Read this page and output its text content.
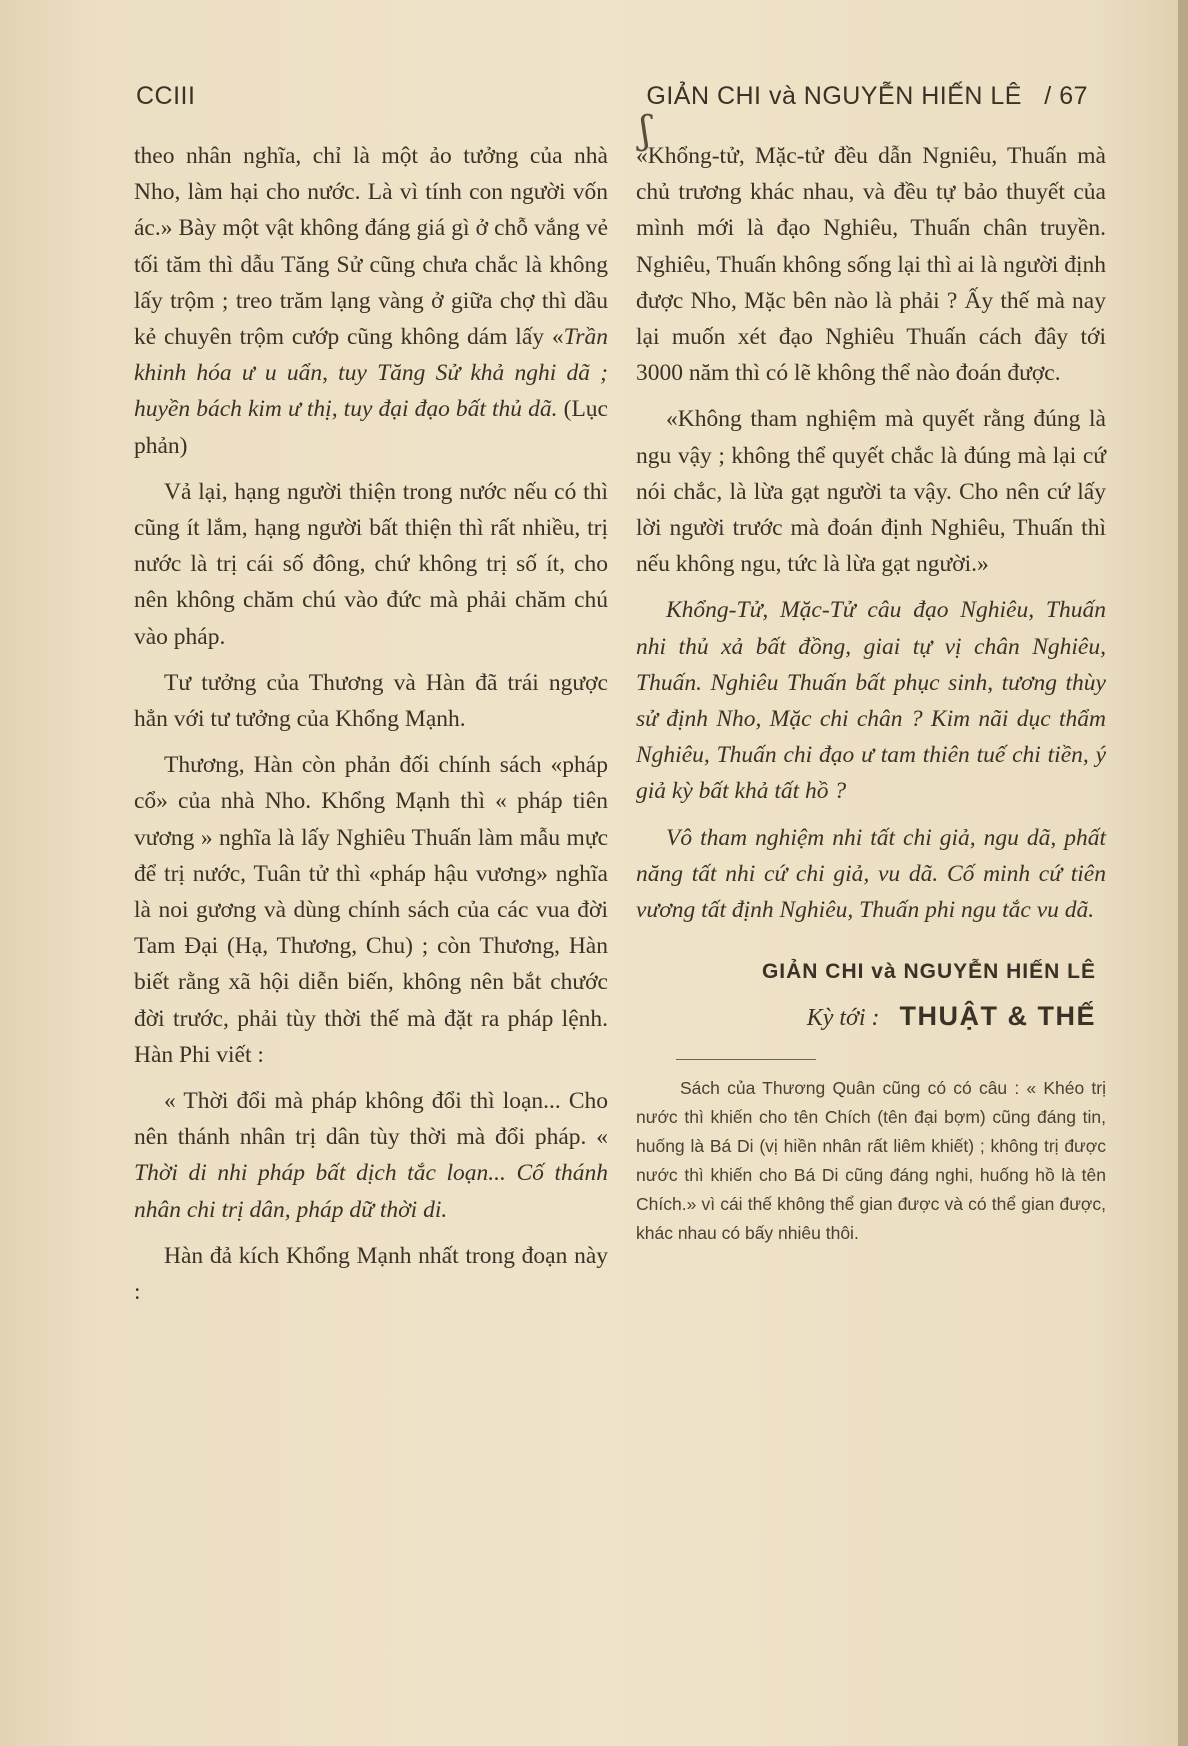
CCIII	GIẢN CHI và NGUYỄN HIẾN LÊ / 67

theo nhân nghĩa, chỉ là một ảo tưởng của nhà Nho, làm hại cho nước. Là vì tính con người vốn ác.» Bày một vật không đáng giá gì ở chỗ vắng vẻ tối tăm thì dẫu Tăng Sử cũng chưa chắc là không lấy trộm ; treo trăm lạng vàng ở giữa chợ thì dầu kẻ chuyên trộm cướp cũng không dám lấy «Trần khinh hóa ư u uẩn, tuy Tăng Sử khả nghi dã ; huyền bách kim ư thị, tuy đại đạo bất thủ dã. (Lục phản)

Vả lại, hạng người thiện trong nước nếu có thì cũng ít lắm, hạng người bất thiện thì rất nhiều, trị nước là trị cái số đông, chứ không trị số ít, cho nên không chăm chú vào đức mà phải chăm chú vào pháp.

Tư tưởng của Thương và Hàn đã trái ngược hẳn với tư tưởng của Khổng Mạnh.

Thương, Hàn còn phản đối chính sách «pháp cổ» của nhà Nho. Khổng Mạnh thì « pháp tiên vương » nghĩa là lấy Nghiêu Thuấn làm mẫu mực để trị nước, Tuân tử thì «pháp hậu vương» nghĩa là noi gương và dùng chính sách của các vua đời Tam Đại (Hạ, Thương, Chu) ; còn Thương, Hàn biết rằng xã hội diễn biến, không nên bắt chước đời trước, phải tùy thời thế mà đặt ra pháp lệnh. Hàn Phi viết :

« Thời đổi mà pháp không đổi thì loạn... Cho nên thánh nhân trị dân tùy thời mà đổi pháp. « Thời di nhi pháp bất dịch tắc loạn... Cố thánh nhân chi trị dân, pháp dữ thời di.

Hàn đả kích Khổng Mạnh nhất trong đoạn này :

«Khổng-tử, Mặc-tử đều dẫn Ngniêu, Thuấn mà chủ trương khác nhau, và đều tự bảo thuyết của mình mới là đạo Nghiêu, Thuấn chân truyền. Nghiêu, Thuấn không sống lại thì ai là người định được Nho, Mặc bên nào là phải ? Ấy thế mà nay lại muốn xét đạo Nghiêu Thuấn cách đây tới 3000 năm thì có lẽ không thể nào đoán được.

«Không tham nghiệm mà quyết rằng đúng là ngu vậy ; không thể quyết chắc là đúng mà lại cứ nói chắc, là lừa gạt người ta vậy. Cho nên cứ lấy lời người trước mà đoán định Nghiêu, Thuấn thì nếu không ngu, tức là lừa gạt người.»

Khổng-Tử, Mặc-Tử câu đạo Nghiêu, Thuấn nhi thủ xả bất đồng, giai tự vị chân Nghiêu, Thuấn. Nghiêu Thuấn bất phục sinh, tương thùy sử định Nho, Mặc chi chân ? Kim nãi dục thẩm Nghiêu, Thuấn chi đạo ư tam thiên tuế chi tiền, ý giả kỳ bất khả tất hồ ?

Vô tham nghiệm nhi tất chi giả, ngu dã, phất năng tất nhi cứ chi giả, vu dã. Cố minh cứ tiên vương tất định Nghiêu, Thuấn phi ngu tắc vu dã.

GIẢN CHI và NGUYỄN HIẾN LÊ
Kỳ tới : THUẬT & THẾ
Sách của Thương Quân cũng có có câu : « Khéo trị nước thì khiến cho tên Chích (tên đại bợm) cũng đáng tin, huống là Bá Di (vị hiền nhân rất liêm khiết) ; không trị được nước thì khiến cho Bá Di cũng đáng nghi, huống hồ là tên Chích.» vì cái thế không thể gian được và có thể gian được, khác nhau có bấy nhiêu thôi.
ʃ
